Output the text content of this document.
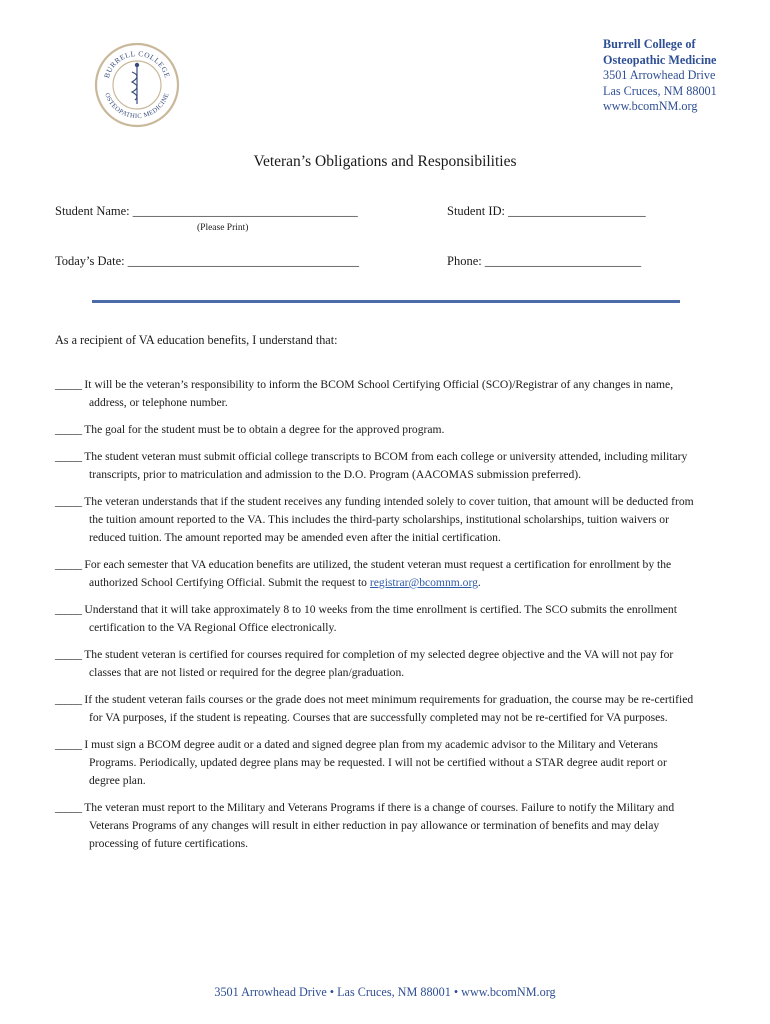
BURRELL COLLEGE
OSTEOPATHIC MEDICINE
Burrell College of
Osteopathic Medicine
3501 Arrowhead Drive
Las Cruces, NM 88001
www.bcomNM.org
Veteran’s Obligations and Responsibilities
Student Name: ____________________________________
(Please Print)
Student ID: ______________________
Today’s Date: _____________________________________	Phone: _________________________
As a recipient of VA education benefits, I understand that:
_____ It will be the veteran’s responsibility to inform the BCOM School Certifying Official (SCO)/Registrar of any changes in name, address, or telephone number.
_____ The goal for the student must be to obtain a degree for the approved program.
_____ The student veteran must submit official college transcripts to BCOM from each college or university attended, including military transcripts, prior to matriculation and admission to the D.O. Program (AACOMAS submission preferred).
_____ The veteran understands that if the student receives any funding intended solely to cover tuition, that amount will be deducted from the tuition amount reported to the VA. This includes the third-party scholarships, institutional scholarships, tuition waivers or reduced tuition. The amount reported may be amended even after the initial certification.
_____ For each semester that VA education benefits are utilized, the student veteran must request a certification for enrollment by the authorized School Certifying Official. Submit the request to registrar@bcomnm.org.
_____ Understand that it will take approximately 8 to 10 weeks from the time enrollment is certified. The SCO submits the enrollment certification to the VA Regional Office electronically.
_____ The student veteran is certified for courses required for completion of my selected degree objective and the VA will not pay for classes that are not listed or required for the degree plan/graduation.
_____ If the student veteran fails courses or the grade does not meet minimum requirements for graduation, the course may be re-certified for VA purposes, if the student is repeating. Courses that are successfully completed may not be re-certified for VA purposes.
_____ I must sign a BCOM degree audit or a dated and signed degree plan from my academic advisor to the Military and Veterans Programs. Periodically, updated degree plans may be requested. I will not be certified without a STAR degree audit report or degree plan.
_____ The veteran must report to the Military and Veterans Programs if there is a change of courses. Failure to notify the Military and Veterans Programs of any changes will result in either reduction in pay allowance or termination of benefits and may delay processing of future certifications.
3501 Arrowhead Drive • Las Cruces, NM 88001 • www.bcomNM.org
